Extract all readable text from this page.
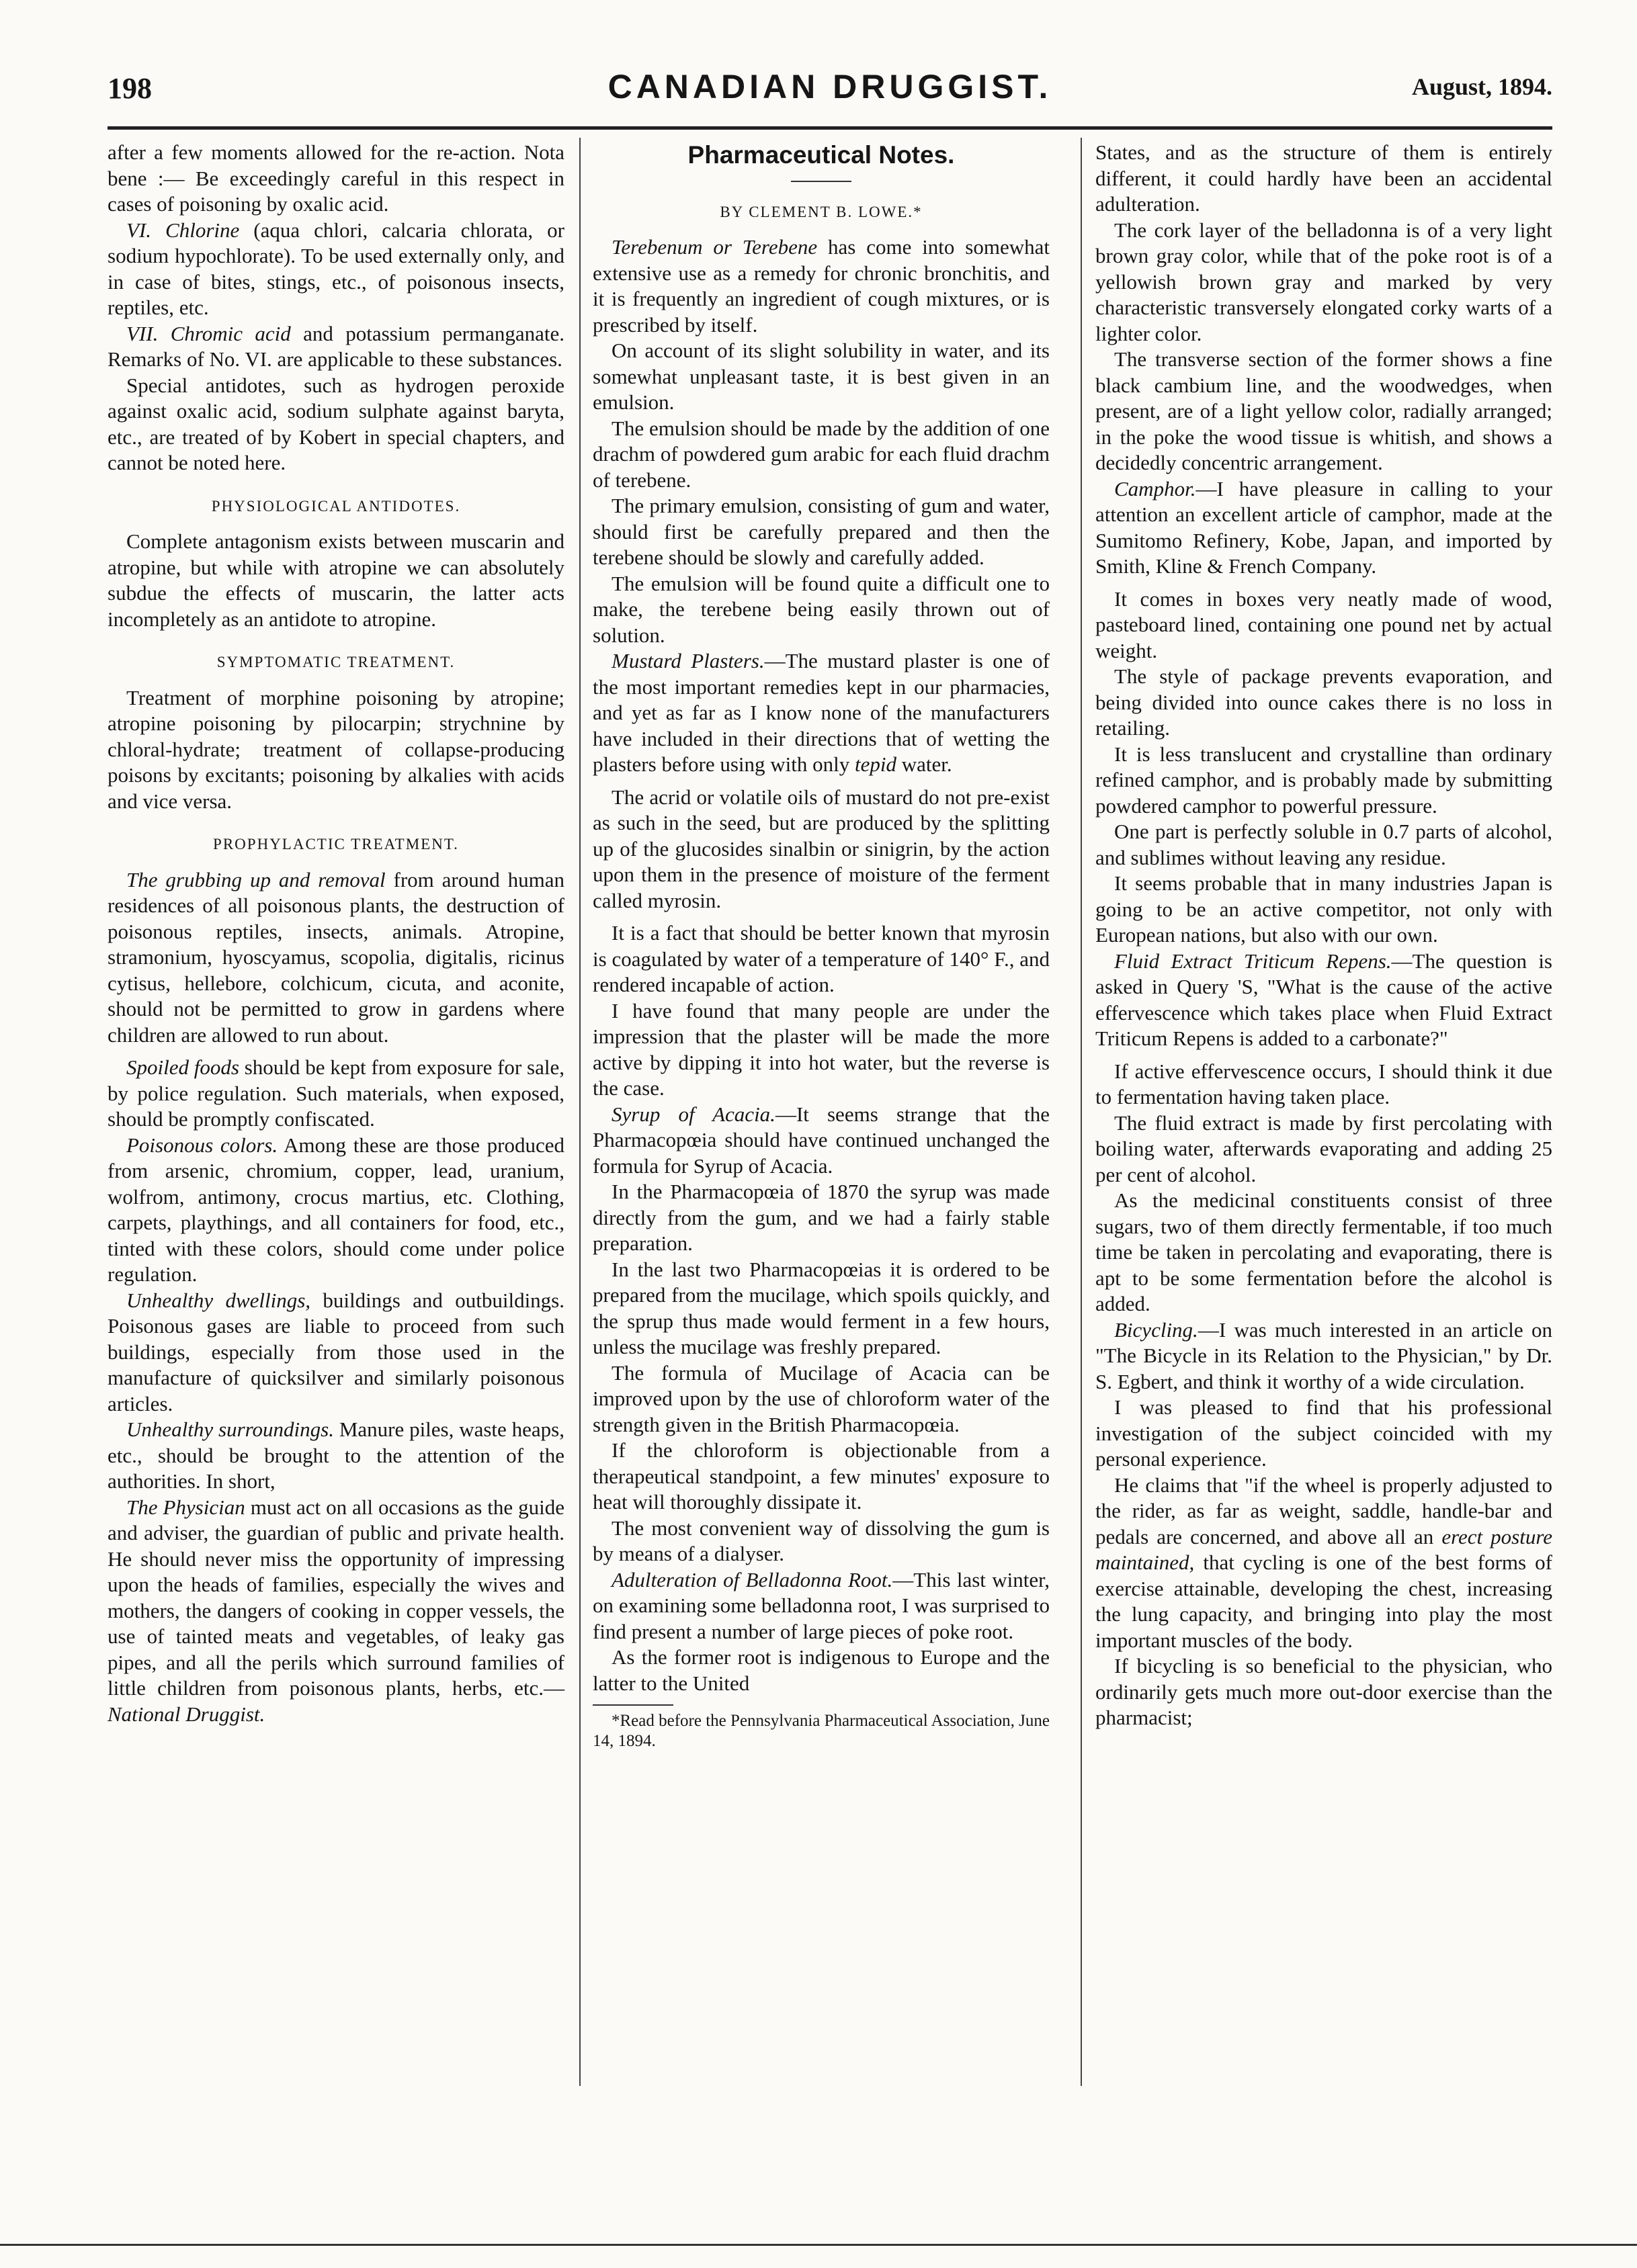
198	CANADIAN DRUGGIST.	August, 1894.

after a few moments allowed for the re-action. Nota bene :— Be exceedingly careful in this respect in cases of poisoning by oxalic acid.

VI. Chlorine (aqua chlori, calcaria chlorata, or sodium hypochlorate). To be used externally only, and in case of bites, stings, etc., of poisonous insects, reptiles, etc.

VII. Chromic acid and potassium permanganate. Remarks of No. VI. are applicable to these substances.

Special antidotes, such as hydrogen peroxide against oxalic acid, sodium sulphate against baryta, etc., are treated of by Kobert in special chapters, and cannot be noted here.

PHYSIOLOGICAL ANTIDOTES.

Complete antagonism exists between muscarin and atropine, but while with atropine we can absolutely subdue the effects of muscarin, the latter acts incompletely as an antidote to atropine.

SYMPTOMATIC TREATMENT.

Treatment of morphine poisoning by atropine; atropine poisoning by pilocarpin; strychnine by chloral-hydrate; treatment of collapse-producing poisons by excitants; poisoning by alkalies with acids and vice versa.

PROPHYLACTIC TREATMENT.

The grubbing up and removal from around human residences of all poisonous plants, the destruction of poisonous reptiles, insects, animals. Atropine, stramonium, hyoscyamus, scopolia, digitalis, ricinus cytisus, hellebore, colchicum, cicuta, and aconite, should not be permitted to grow in gardens where children are allowed to run about.

Spoiled foods should be kept from exposure for sale, by police regulation. Such materials, when exposed, should be promptly confiscated.

Poisonous colors. Among these are those produced from arsenic, chromium, copper, lead, uranium, wolfrom, antimony, crocus martius, etc. Clothing, carpets, playthings, and all containers for food, etc., tinted with these colors, should come under police regulation.

Unhealthy dwellings, buildings and outbuildings. Poisonous gases are liable to proceed from such buildings, especially from those used in the manufacture of quicksilver and similarly poisonous articles.

Unhealthy surroundings. Manure piles, waste heaps, etc., should be brought to the attention of the authorities. In short,

The Physician must act on all occasions as the guide and adviser, the guardian of public and private health. He should never miss the opportunity of impressing upon the heads of families, especially the wives and mothers, the dangers of cooking in copper vessels, the use of tainted meats and vegetables, of leaky gas pipes, and all the perils which surround families of little children from poisonous plants, herbs, etc.—National Druggist.

Pharmaceutical Notes.
BY CLEMENT B. LOWE.*

Terebenum or Terebene has come into somewhat extensive use as a remedy for chronic bronchitis, and it is frequently an ingredient of cough mixtures, or is prescribed by itself.

On account of its slight solubility in water, and its somewhat unpleasant taste, it is best given in an emulsion.

The emulsion should be made by the addition of one drachm of powdered gum arabic for each fluid drachm of terebene.

The primary emulsion, consisting of gum and water, should first be carefully prepared and then the terebene should be slowly and carefully added.

The emulsion will be found quite a difficult one to make, the terebene being easily thrown out of solution.

Mustard Plasters.—The mustard plaster is one of the most important remedies kept in our pharmacies, and yet as far as I know none of the manufacturers have included in their directions that of wetting the plasters before using with only tepid water.

The acrid or volatile oils of mustard do not pre-exist as such in the seed, but are produced by the splitting up of the glucosides sinalbin or sinigrin, by the action upon them in the presence of moisture of the ferment called myrosin.

It is a fact that should be better known that myrosin is coagulated by water of a temperature of 140° F., and rendered incapable of action.

I have found that many people are under the impression that the plaster will be made the more active by dipping it into hot water, but the reverse is the case.

Syrup of Acacia.—It seems strange that the Pharmacopœia should have continued unchanged the formula for Syrup of Acacia.

In the Pharmacopœia of 1870 the syrup was made directly from the gum, and we had a fairly stable preparation.

In the last two Pharmacopœias it is ordered to be prepared from the mucilage, which spoils quickly, and the sprup thus made would ferment in a few hours, unless the mucilage was freshly prepared.

The formula of Mucilage of Acacia can be improved upon by the use of chloroform water of the strength given in the British Pharmacopœia.

If the chloroform is objectionable from a therapeutical standpoint, a few minutes' exposure to heat will thoroughly dissipate it.

The most convenient way of dissolving the gum is by means of a dialyser.

Adulteration of Belladonna Root.—This last winter, on examining some belladonna root, I was surprised to find present a number of large pieces of poke root.

As the former root is indigenous to Europe and the latter to the United

*Read before the Pennsylvania Pharmaceutical Association, June 14, 1894.

States, and as the structure of them is entirely different, it could hardly have been an accidental adulteration.

The cork layer of the belladonna is of a very light brown gray color, while that of the poke root is of a yellowish brown gray and marked by very characteristic transversely elongated corky warts of a lighter color.

The transverse section of the former shows a fine black cambium line, and the woodwedges, when present, are of a light yellow color, radially arranged; in the poke the wood tissue is whitish, and shows a decidedly concentric arrangement.

Camphor.—I have pleasure in calling to your attention an excellent article of camphor, made at the Sumitomo Refinery, Kobe, Japan, and imported by Smith, Kline & French Company.

It comes in boxes very neatly made of wood, pasteboard lined, containing one pound net by actual weight.

The style of package prevents evaporation, and being divided into ounce cakes there is no loss in retailing.

It is less translucent and crystalline than ordinary refined camphor, and is probably made by submitting powdered camphor to powerful pressure.

One part is perfectly soluble in 0.7 parts of alcohol, and sublimes without leaving any residue.

It seems probable that in many industries Japan is going to be an active competitor, not only with European nations, but also with our own.

Fluid Extract Triticum Repens.—The question is asked in Query 'S, "What is the cause of the active effervescence which takes place when Fluid Extract Triticum Repens is added to a carbonate?"

If active effervescence occurs, I should think it due to fermentation having taken place.

The fluid extract is made by first percolating with boiling water, afterwards evaporating and adding 25 per cent of alcohol.

As the medicinal constituents consist of three sugars, two of them directly fermentable, if too much time be taken in percolating and evaporating, there is apt to be some fermentation before the alcohol is added.

Bicycling.—I was much interested in an article on "The Bicycle in its Relation to the Physician," by Dr. S. Egbert, and think it worthy of a wide circulation.

I was pleased to find that his professional investigation of the subject coincided with my personal experience.

He claims that "if the wheel is properly adjusted to the rider, as far as weight, saddle, handle-bar and pedals are concerned, and above all an erect posture maintained, that cycling is one of the best forms of exercise attainable, developing the chest, increasing the lung capacity, and bringing into play the most important muscles of the body.

If bicycling is so beneficial to the physician, who ordinarily gets much more out-door exercise than the pharmacist;
